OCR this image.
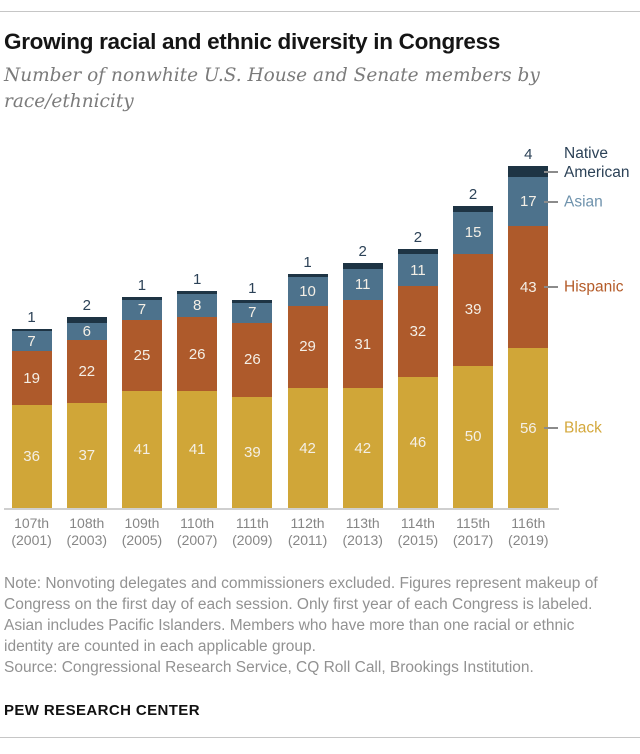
Growing racial and ethnic diversity in Congress
Number of nonwhite U.S. House and Senate members by race/ethnicity
1
7
19
36
107th
(2001)
2
6
22
37
108th
(2003)
1
7
25
41
109th
(2005)
1
8
26
41
110th
(2007)
1
7
26
39
111th
(2009)
1
10
29
42
112th
(2011)
2
11
31
42
113th
(2013)
2
11
32
46
114th
(2015)
2
15
39
50
115th
(2017)
4
17
43
56
116th
(2019)
Native American
Asian
Hispanic
Black
Note: Nonvoting delegates and commissioners excluded. Figures represent makeup of Congress on the first day of each session. Only first year of each Congress is labeled. Asian includes Pacific Islanders. Members who have more than one racial or ethnic identity are counted in each applicable group.
Source: Congressional Research Service, CQ Roll Call, Brookings Institution.
PEW RESEARCH CENTER
